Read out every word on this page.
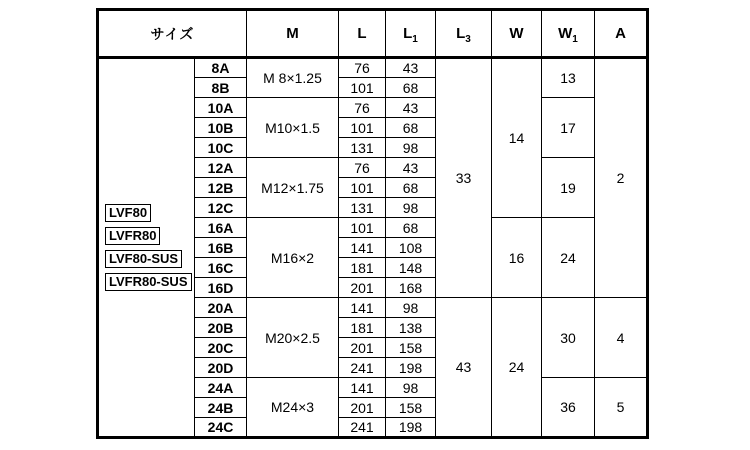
サイズ		M	L	$L_1$	$L_3$	W	$W_1$	A

LVF80
LVFR80
LVF80-SUS
LVFR80-SUS	8A	M 8×1.25	76	43	33	14	13	2
	8B		101	68				
	10A	M10×1.5	76	43			17	
	10B		101	68				
	10C		131	98				
	12A	M12×1.75	76	43			19	
	12B		101	68				
	12C		131	98				
	16A	M16×2	101	68		16	24	
	16B		141	108				
	16C		181	148				
	16D		201	168				
	20A	M20×2.5	141	98	43	24	30	4
	20B		181	138				
	20C		201	158				
	20D		241	198				
	24A	M24×3	141	98			36	5
	24B		201	158				
	24C		241	198				
